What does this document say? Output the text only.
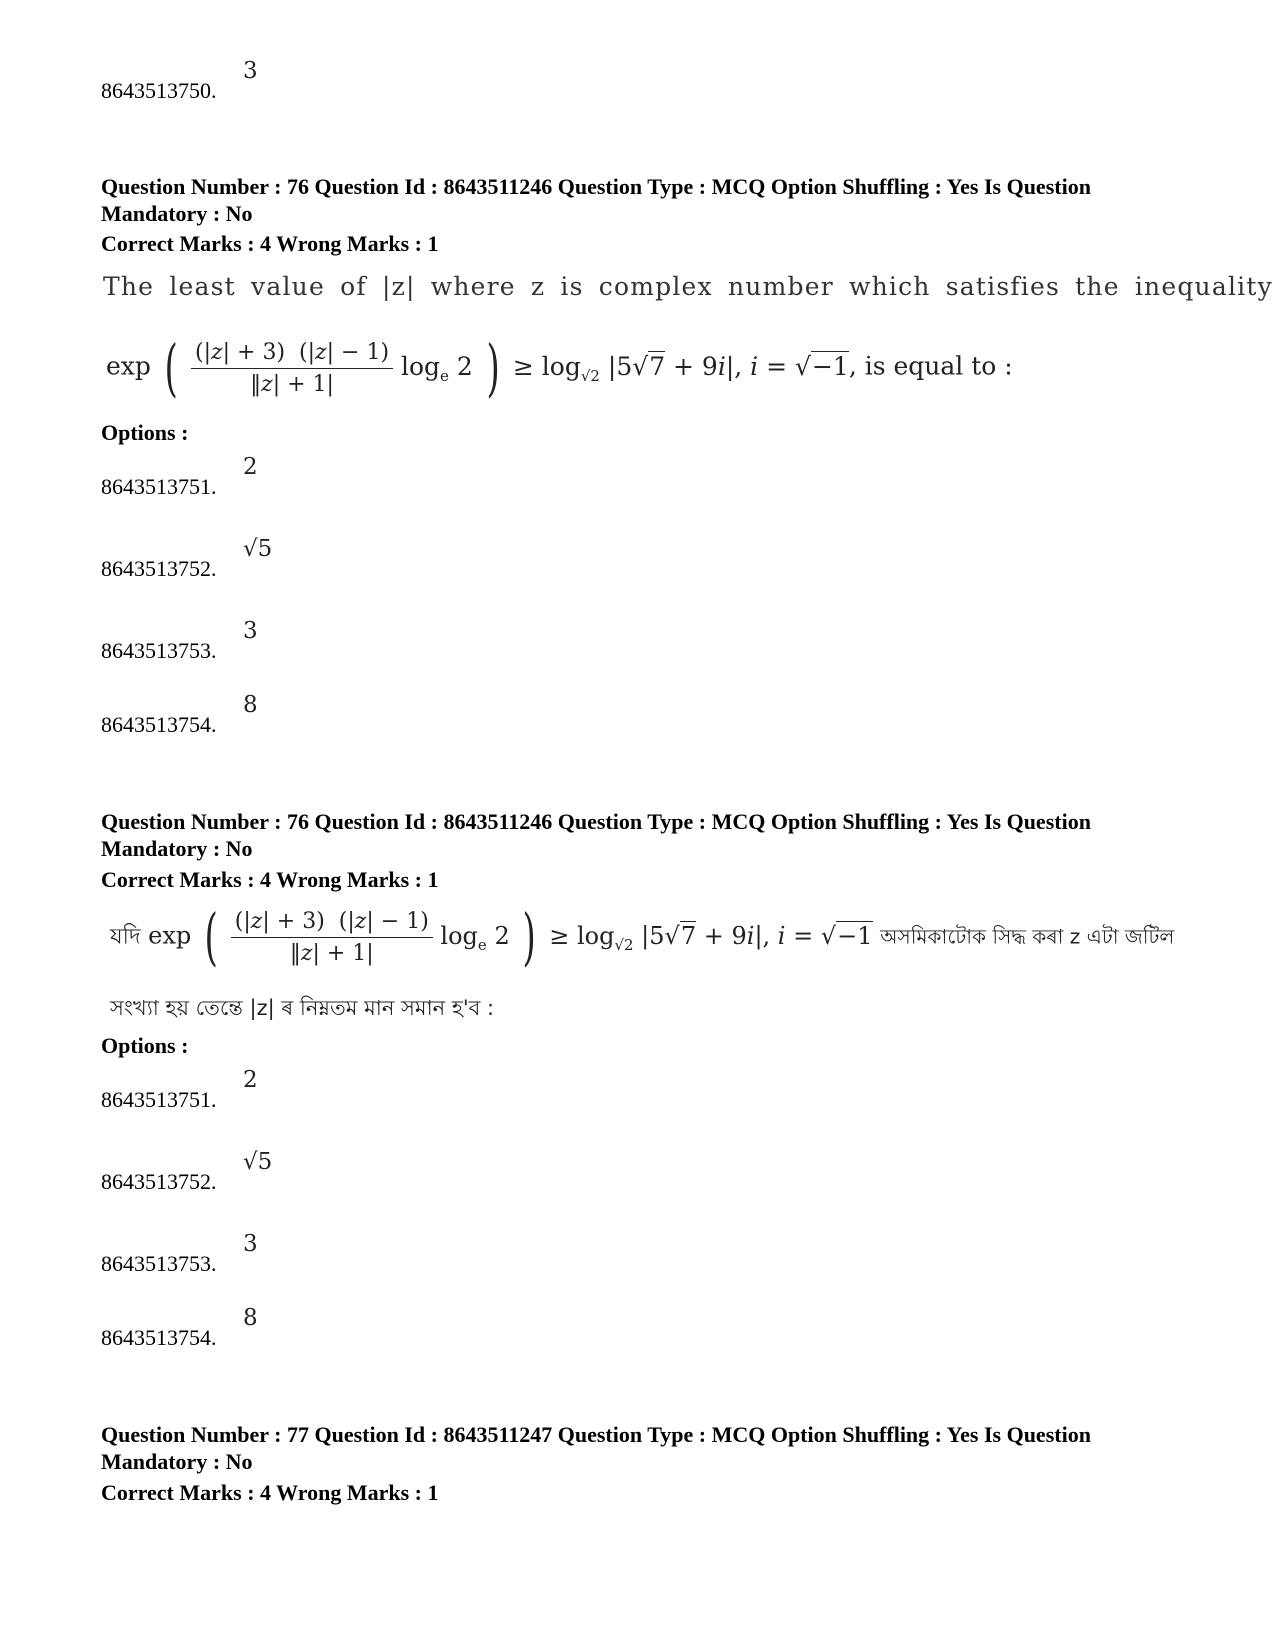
8643513750.
3
Question Number : 76 Question Id : 8643511246 Question Type : MCQ Option Shuffling : Yes Is Question Mandatory : No
Correct Marks : 4 Wrong Marks : 1
The least value of |z| where z is complex number which satisfies the inequality
exp ( $\frac{(|z| + 3) (|z| - 1)}{‖z| + 1|} \log_e 2$ ) ≥ $\log_{√2} |5√7 + 9i|$, i = √−1, is equal to :
Options :
8643513751.
2
8643513752.
√5
8643513753.
3
8643513754.
8
Question Number : 76 Question Id : 8643511246 Question Type : MCQ Option Shuffling : Yes Is Question Mandatory : No
Correct Marks : 4 Wrong Marks : 1
যদি exp ( $\frac{(|z| + 3) (|z| - 1)}{‖z| + 1|} \log_e 2$ ) ≥ $\log_{√2} |5√7 + 9i|$, i = √−1 অসমিকাটোক সিদ্ধ কৰা z এটা জটিল
সংখ্যা হয় তেন্তে |z| ৰ নিম্নতম মান সমান হ'ব :
Options :
8643513751.
2
8643513752.
√5
8643513753.
3
8643513754.
8
Question Number : 77 Question Id : 8643511247 Question Type : MCQ Option Shuffling : Yes Is Question Mandatory : No
Correct Marks : 4 Wrong Marks : 1
